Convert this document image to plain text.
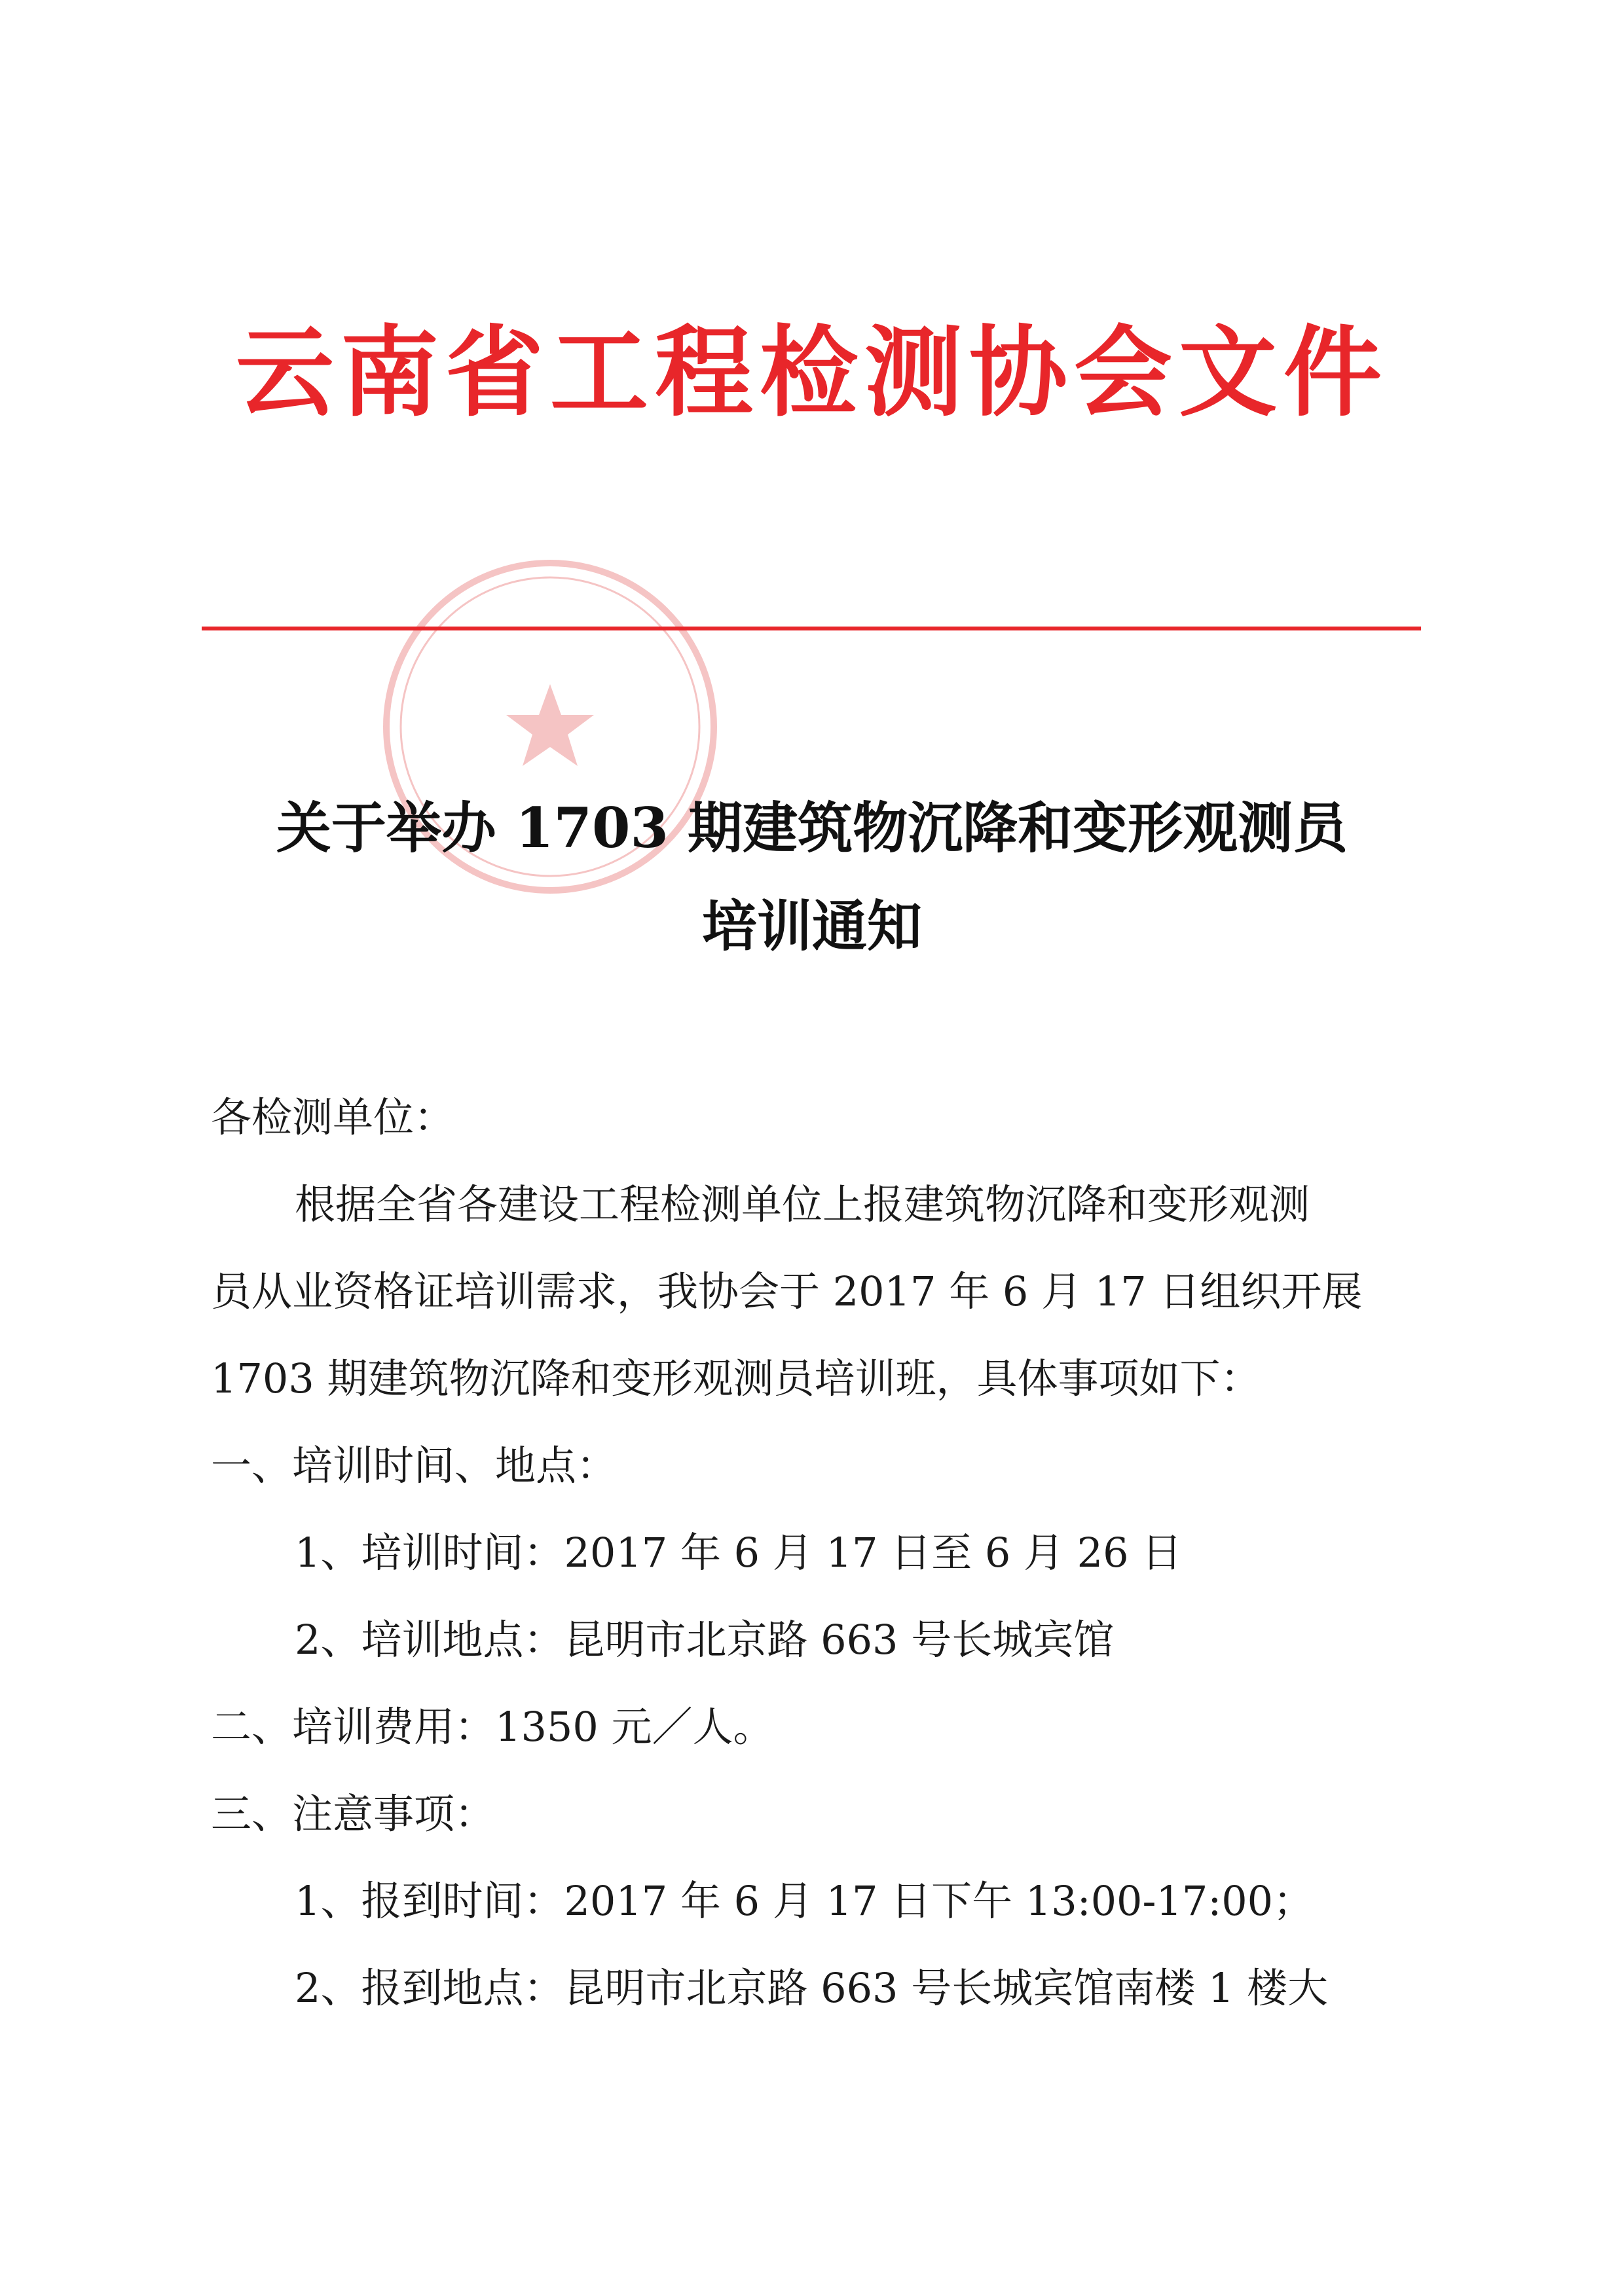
云南省工程检测协会文件
关于举办 1703 期建筑物沉降和变形观测员
培训通知
各检测单位：
根据全省各建设工程检测单位上报建筑物沉降和变形观测
员从业资格证培训需求，我协会于 2017 年 6 月 17 日组织开展
1703 期建筑物沉降和变形观测员培训班，具体事项如下：
一、培训时间、地点：
1、培训时间：2017 年 6 月 17 日至 6 月 26 日
2、培训地点：昆明市北京路 663 号长城宾馆
二、培训费用：1350 元／人。
三、注意事项：
1、报到时间：2017 年 6 月 17 日下午 13:00-17:00；
2、报到地点：昆明市北京路 663 号长城宾馆南楼 1 楼大
